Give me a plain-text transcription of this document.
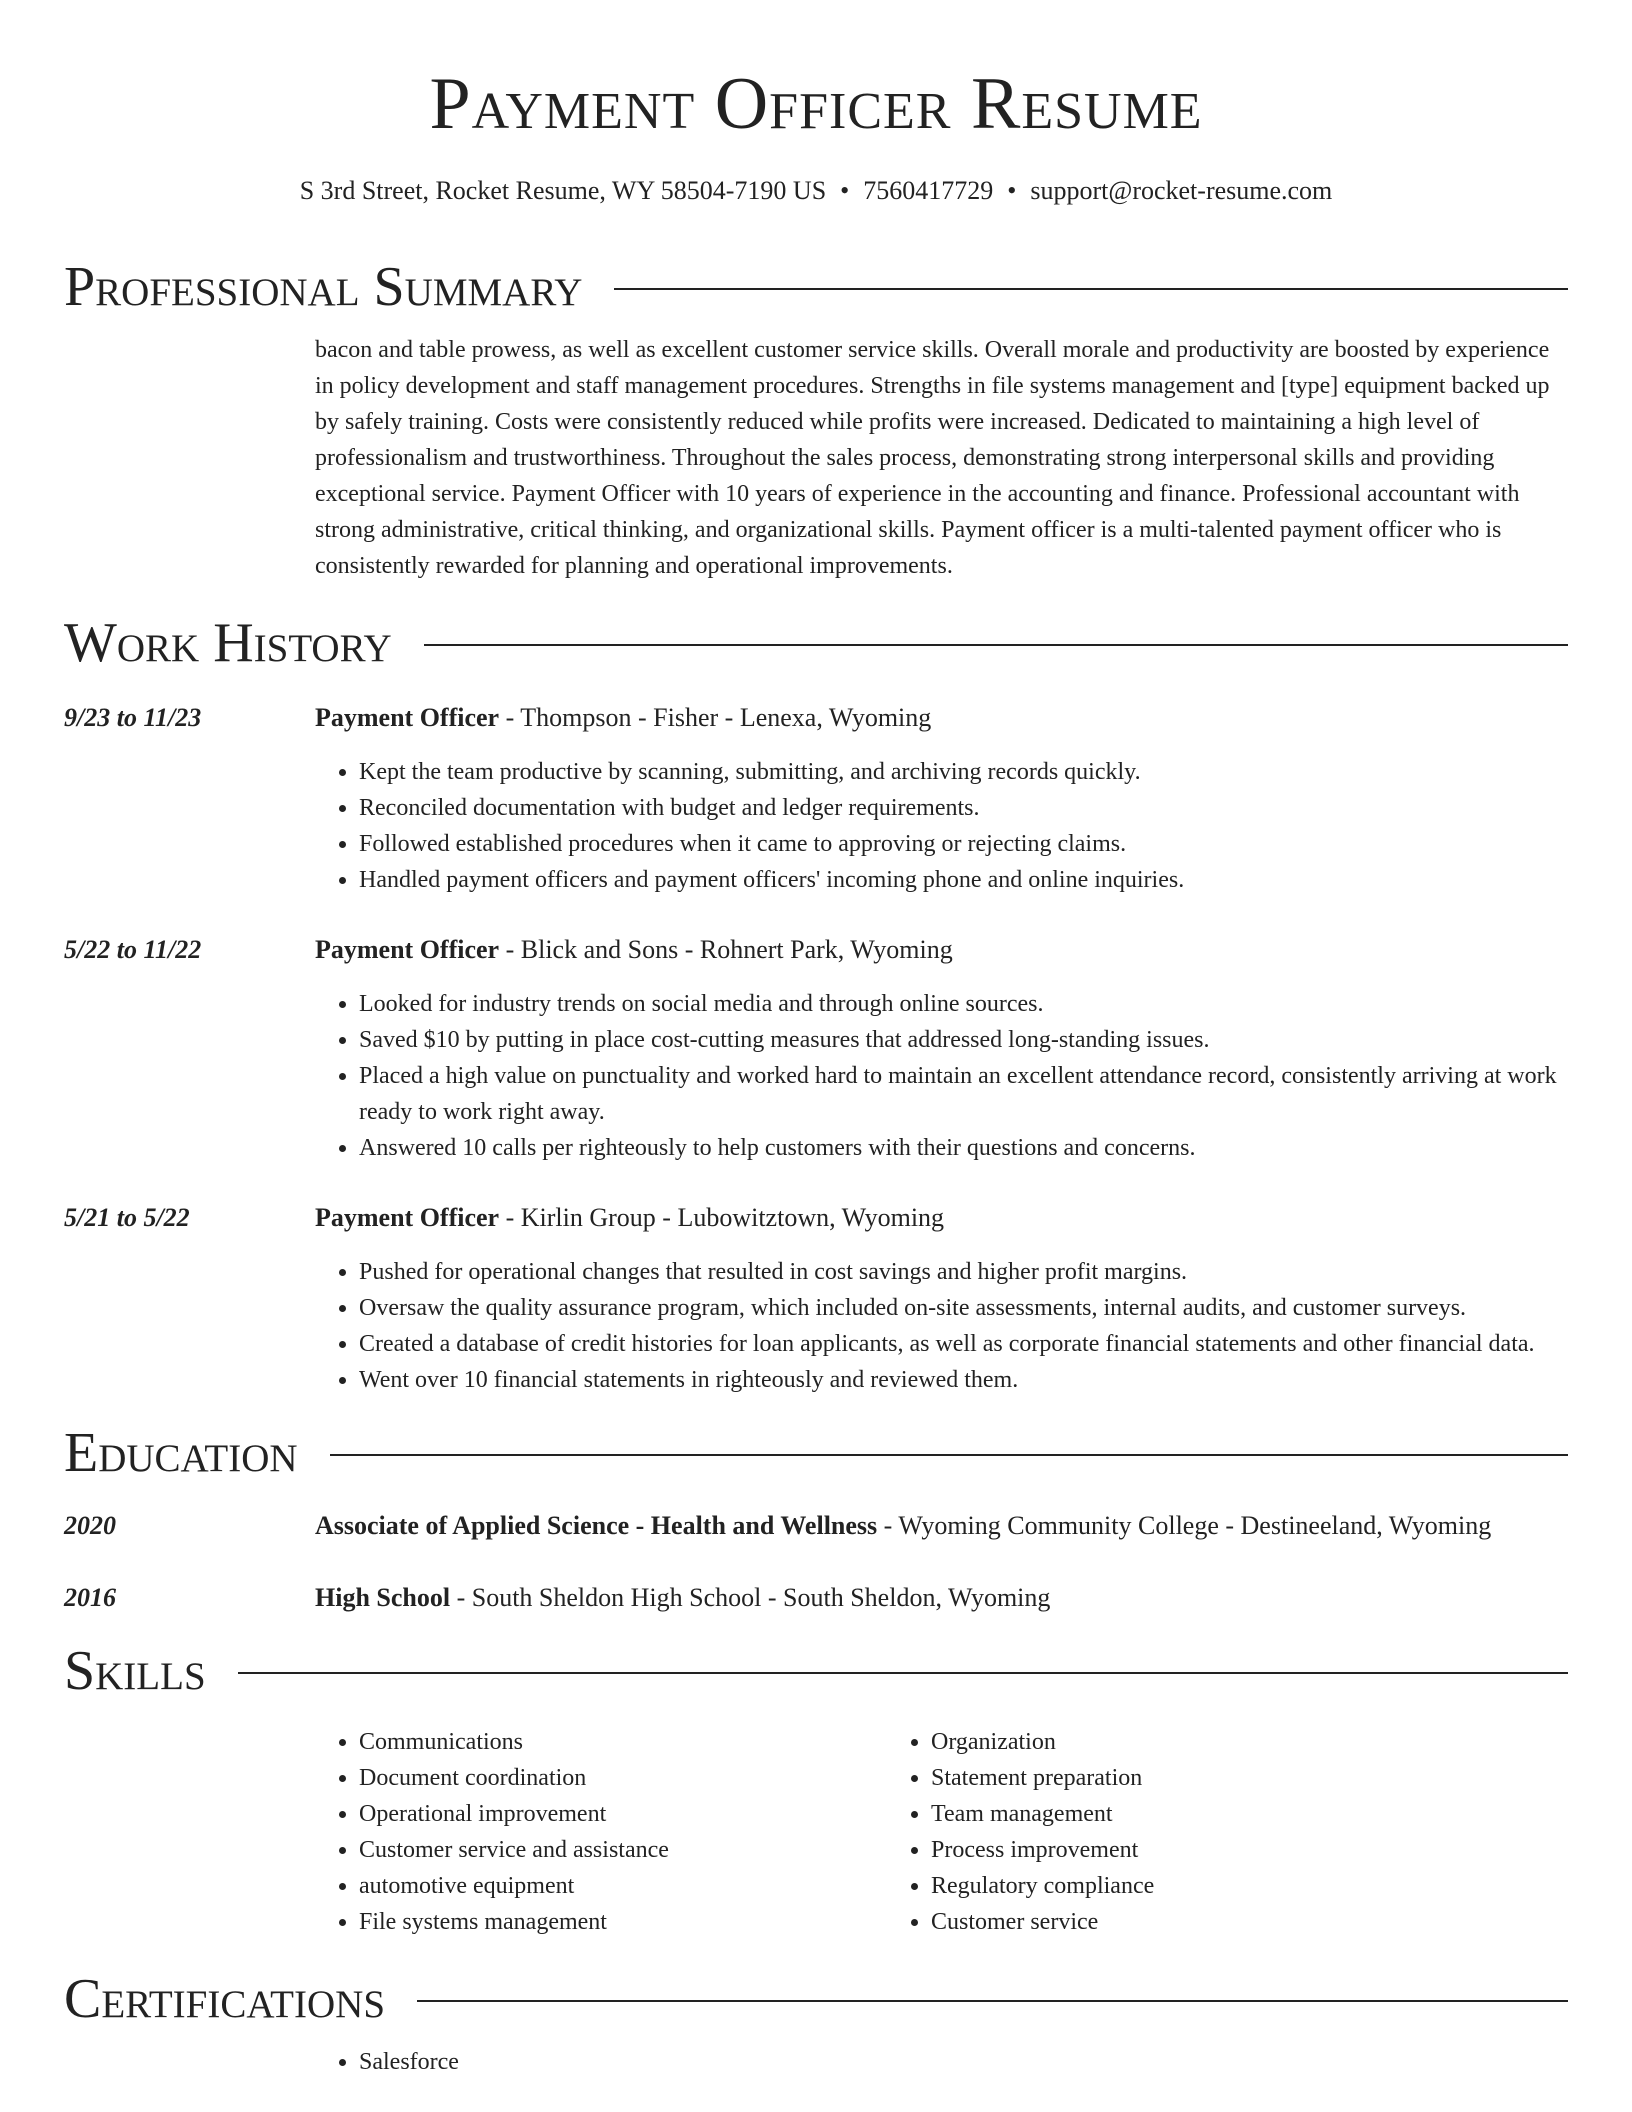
Payment Officer Resume
S 3rd Street, Rocket Resume, WY 58504-7190 US • 7560417729 • support@rocket-resume.com
Professional Summary
bacon and table prowess, as well as excellent customer service skills. Overall morale and productivity are boosted by experience in policy development and staff management procedures. Strengths in file systems management and [type] equipment backed up by safely training. Costs were consistently reduced while profits were increased. Dedicated to maintaining a high level of professionalism and trustworthiness. Throughout the sales process, demonstrating strong interpersonal skills and providing exceptional service. Payment Officer with 10 years of experience in the accounting and finance. Professional accountant with strong administrative, critical thinking, and organizational skills. Payment officer is a multi-talented payment officer who is consistently rewarded for planning and operational improvements.
Work History
9/23 to 11/23	Payment Officer - Thompson - Fisher - Lenexa, Wyoming
• Kept the team productive by scanning, submitting, and archiving records quickly.
• Reconciled documentation with budget and ledger requirements.
• Followed established procedures when it came to approving or rejecting claims.
• Handled payment officers and payment officers' incoming phone and online inquiries.
5/22 to 11/22	Payment Officer - Blick and Sons - Rohnert Park, Wyoming
• Looked for industry trends on social media and through online sources.
• Saved $10 by putting in place cost-cutting measures that addressed long-standing issues.
• Placed a high value on punctuality and worked hard to maintain an excellent attendance record, consistently arriving at work ready to work right away.
• Answered 10 calls per righteously to help customers with their questions and concerns.
5/21 to 5/22	Payment Officer - Kirlin Group - Lubowitztown, Wyoming
• Pushed for operational changes that resulted in cost savings and higher profit margins.
• Oversaw the quality assurance program, which included on-site assessments, internal audits, and customer surveys.
• Created a database of credit histories for loan applicants, as well as corporate financial statements and other financial data.
• Went over 10 financial statements in righteously and reviewed them.
Education
2020	Associate of Applied Science - Health and Wellness - Wyoming Community College - Destineeland, Wyoming
2016	High School - South Sheldon High School - South Sheldon, Wyoming
Skills
• Communications
• Document coordination
• Operational improvement
• Customer service and assistance
• automotive equipment
• File systems management
• Organization
• Statement preparation
• Team management
• Process improvement
• Regulatory compliance
• Customer service
Certifications
• Salesforce
